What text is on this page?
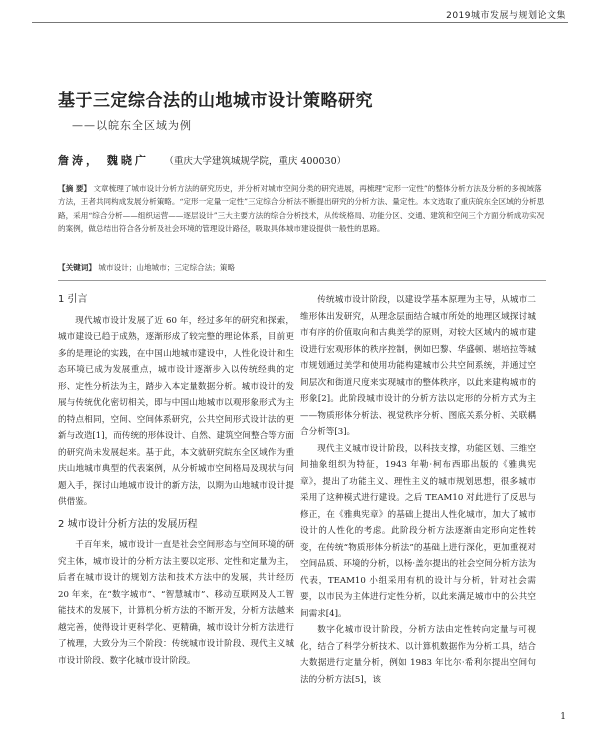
2019城市发展与规划论文集
基于三定综合法的山地城市设计策略研究
——以皖东全区域为例
詹涛， 魏晓广 （重庆大学建筑城规学院，重庆 400030）
【摘 要】 文章梳理了城市设计分析方法的研究历史，并分析对城市空间分类的研究进展，再梳理“定形一定性”的整体分析方法及分析的多视域落方法，王者共同构成发展分析策略。“定形一定量一定性”三定综合分析法不断提出研究的分析方法、量定性。本文选取了重庆皖东全区域的分析思路，采用“综合分析——组织运营——逐层设计”三大主要方法的综合分析技术，从传统格局、功能分区、交通、建筑和空间三个方面分析成功实况的案例，做总结出符合各分析及社会环境的管理设计路径，吸取具体城市建设提供一般性的思路。
【关键词】 城市设计；山地城市；三定综合法；策略
1 引言

现代城市设计发展了近 60 年，经过多年的研究和探索，城市建设已趋于成熟，逐渐形成了较完整的理论体系，目前更多的是理论的实践，在中国山地城市建设中，人性化设计和生态环境已成为发展重点，城市设计逐渐步入以传统经典的定形、定性分析法为主，踏步入本定量数据分析。城市设计的发展与传统优化密切相关，即与中国山地城市以观形象形式为主的特点相同，空间、空间体系研究，公共空间形式设计法的更新与改造[1]，而传统的形体设计、自然、建筑空间整合等方面的研究尚未发展起来。基于此，本文就研究皖东全区域作为重庆山地城市典型的代表案例，从分析城市空间格局及现状与问题入手，探讨山地城市设计的新方法，以期为山地城市设计提供借鉴。

2 城市设计分析方法的发展历程

千百年来，城市设计一直是社会空间形态与空间环境的研究主体，城市设计的分析方法主要以定形、定性和定量为主，后者在城市设计的规划方法和技术方法中的发展，共计经历 20 年来，在“数字城市”、“智慧城市”、移动互联网及人工智能技术的发展下，计算机分析方法的不断开发，分析方法越来越完善，使得设计更科学化、更精确，城市设计分析方法进行了梳理，大致分为三个阶段：传统城市设计阶段、现代主义城市设计阶段、数字化城市设计阶段。

传统城市设计阶段，以建设学基本原理为主导，从城市二维形体出发研究，从理念层面结合城市所处的地理区域探讨城市有序的价值取向和古典美学的原则，对较大区域内的城市建设进行宏观形体的秩序控制，例如巴黎、华盛顿、堪培拉等城市规划通过美学和使用功能构建城市公共空间系统，并通过空间层次和街道尺度来实现城市的整体秩序，以此来建构城市的形象[2]。此阶段城市设计的分析方法以定形的分析方式为主——物质形体分析法、视觉秩序分析、图底关系分析、关联耦合分析等[3]。

现代主义城市设计阶段，以科技支撑，功能区划、三维空间抽象组织为特征，1943 年勒·柯布西耶出版的《雅典宪章》，提出了功能主义、理性主义的城市规划思想，很多城市采用了这种模式进行建设。之后 TEAM10 对此进行了反思与修正，在《雅典宪章》的基础上提出人性化城市，加大了城市设计的人性化的考虑。此阶段分析方法逐渐由定形向定性转变，在传统“物质形体分析法”的基础上进行深化，更加重视对空间品质、环境的分析，以杨·盖尔提出的社会空间分析方法为代表，TEAM10 小组采用有机的设计与分析，针对社会需要，以市民为主体进行定性分析，以此来满足城市中的公共空间需求[4]。

数字化城市设计阶段，分析方法由定性转向定量与可视化，结合了科学分析技术、以计算机数据作为分析工具，结合大数据进行定量分析，例如 1983 年比尔·希利尔提出空间句法的分析方法[5]，该

1
